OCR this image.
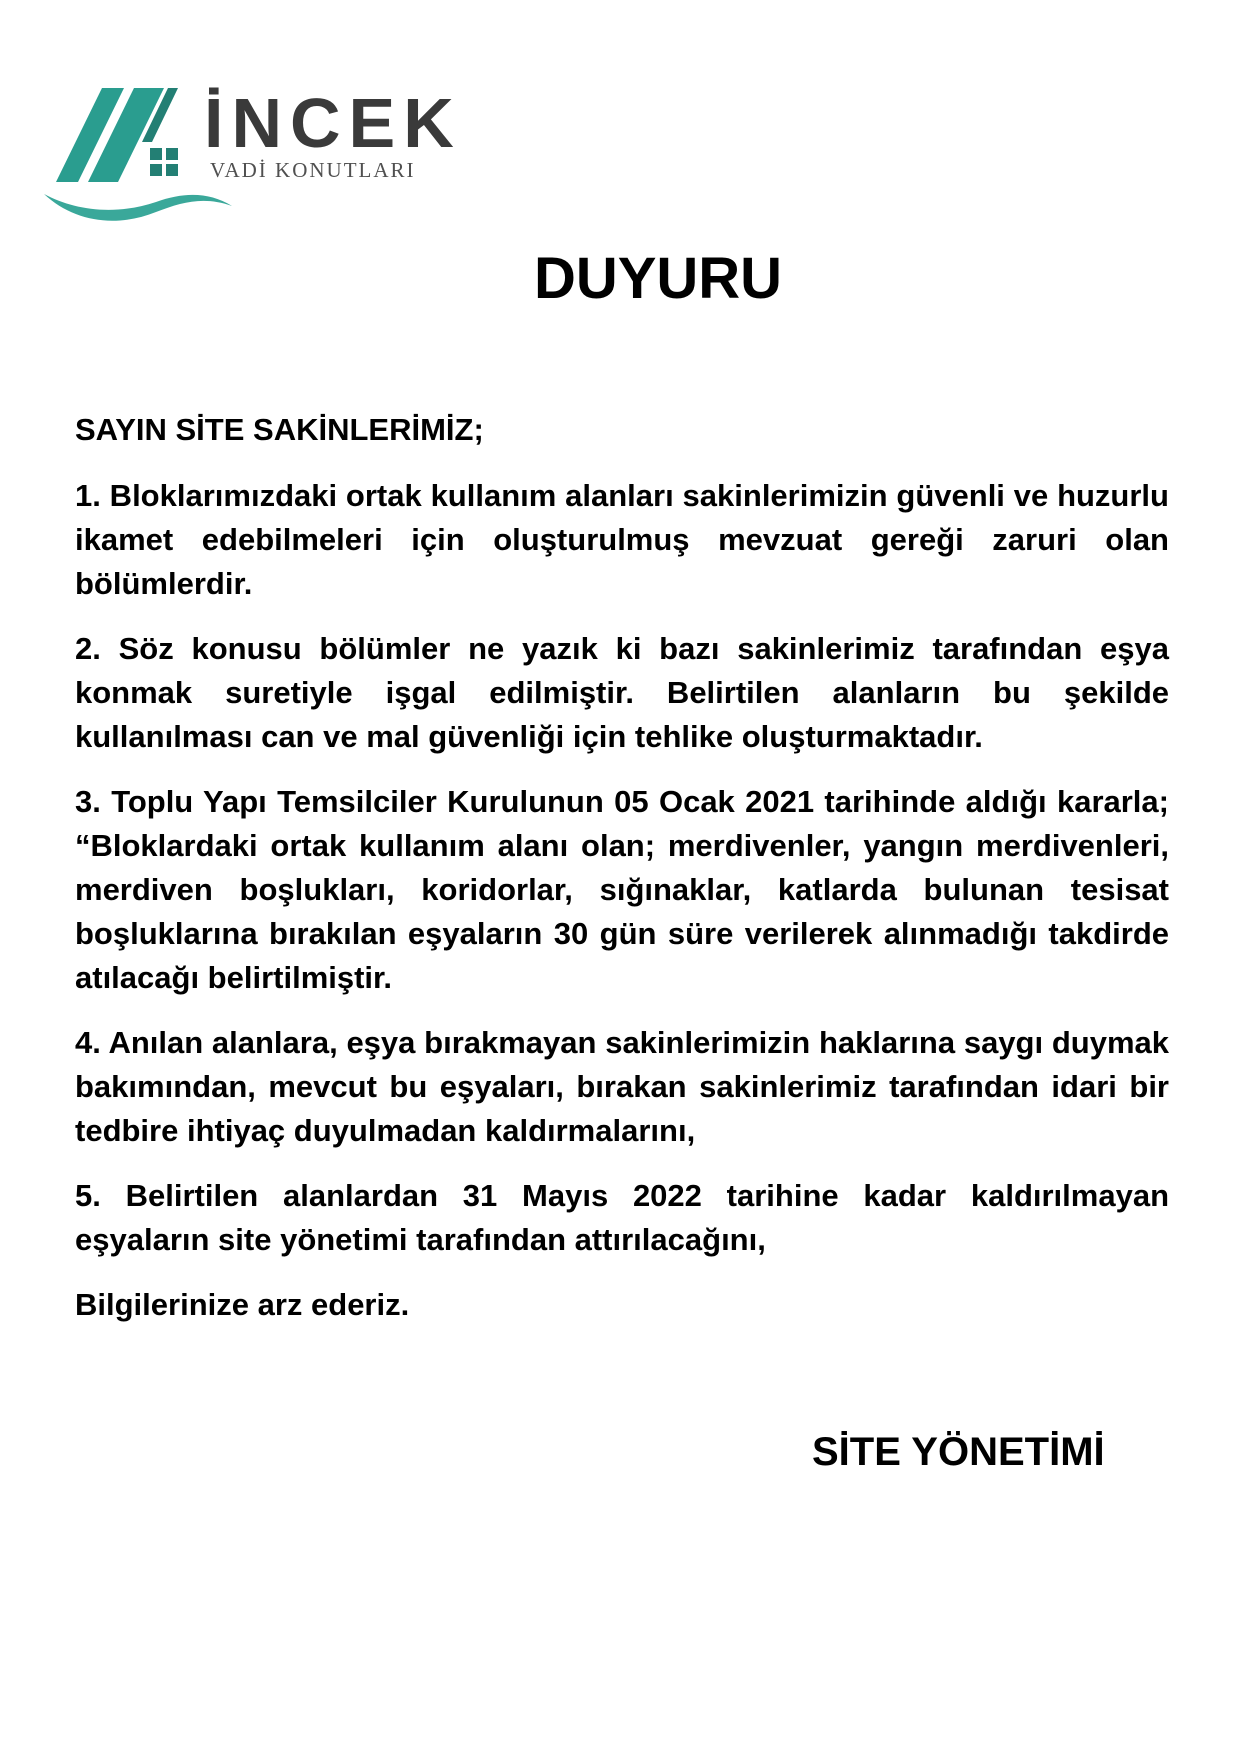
İNCEK
VADİ KONUTLARI
DUYURU

SAYIN SİTE SAKİNLERİMİZ;

1. Bloklarımızdaki ortak kullanım alanları sakinlerimizin güvenli ve huzurlu ikamet edebilmeleri için oluşturulmuş mevzuat gereği zaruri olan bölümlerdir.

2. Söz konusu bölümler ne yazık ki bazı sakinlerimiz tarafından eşya konmak suretiyle işgal edilmiştir. Belirtilen alanların bu şekilde kullanılması can ve mal güvenliği için tehlike oluşturmaktadır.

3. Toplu Yapı Temsilciler Kurulunun 05 Ocak 2021 tarihinde aldığı kararla; “Bloklardaki ortak kullanım alanı olan; merdivenler, yangın merdivenleri, merdiven boşlukları, koridorlar, sığınaklar, katlarda bulunan tesisat boşluklarına bırakılan eşyaların 30 gün süre verilerek alınmadığı takdirde atılacağı belirtilmiştir.

4. Anılan alanlara, eşya bırakmayan sakinlerimizin haklarına saygı duymak bakımından, mevcut bu eşyaları, bırakan sakinlerimiz tarafından idari bir tedbire ihtiyaç duyulmadan kaldırmalarını,

5. Belirtilen alanlardan 31 Mayıs 2022 tarihine kadar kaldırılmayan eşyaların site yönetimi tarafından attırılacağını,

Bilgilerinize arz ederiz.

SİTE YÖNETİMİ
